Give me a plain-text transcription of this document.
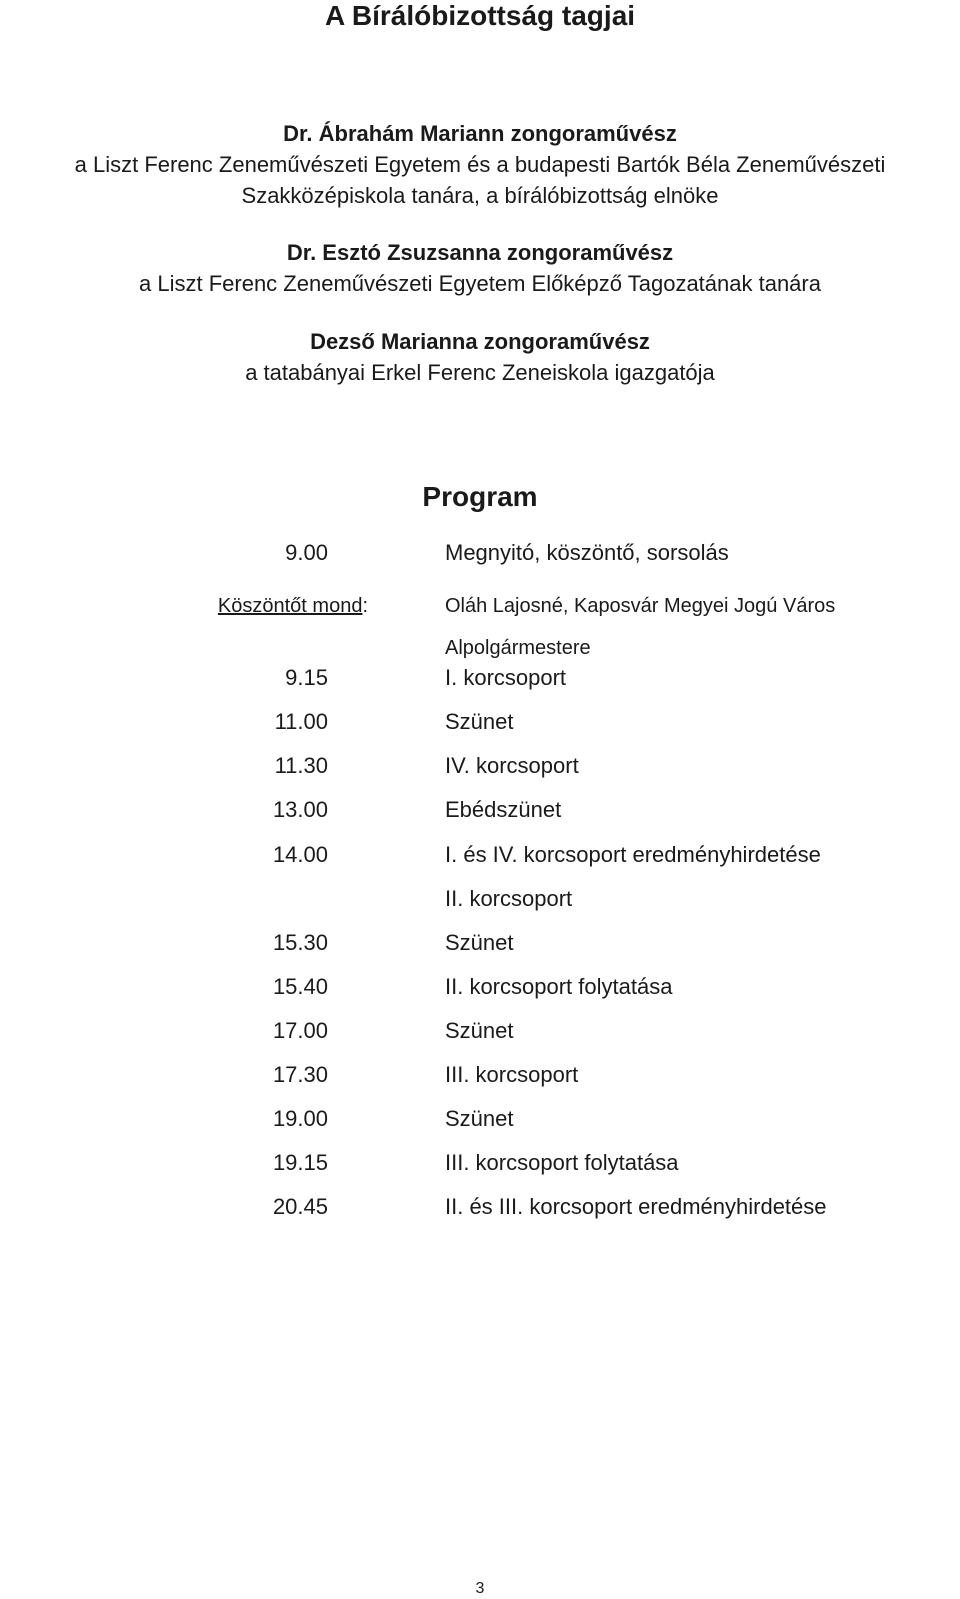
A Bírálóbizottság tagjai
Dr. Ábrahám Mariann zongoraművész
a Liszt Ferenc Zeneművészeti Egyetem és a budapesti Bartók Béla Zeneművészeti
Szakközépiskola tanára, a bírálóbizottság elnöke
Dr. Esztó Zsuzsanna zongoraművész
a Liszt Ferenc Zeneművészeti Egyetem Előképző Tagozatának tanára
Dezső Marianna zongoraművész
a tatabányai Erkel Ferenc Zeneiskola igazgatója
Program
9.00	Megnyitó, köszöntő, sorsolás
Köszöntőt mond:	Oláh Lajosné, Kaposvár Megyei Jogú Város
Alpolgármestere
9.15	I. korcsoport
11.00	Szünet
11.30	IV. korcsoport
13.00	Ebédszünet
14.00	I. és IV. korcsoport eredményhirdetése
II. korcsoport
15.30	Szünet
15.40	II. korcsoport folytatása
17.00	Szünet
17.30	III. korcsoport
19.00	Szünet
19.15	III. korcsoport folytatása
20.45	II. és III. korcsoport eredményhirdetése
3
